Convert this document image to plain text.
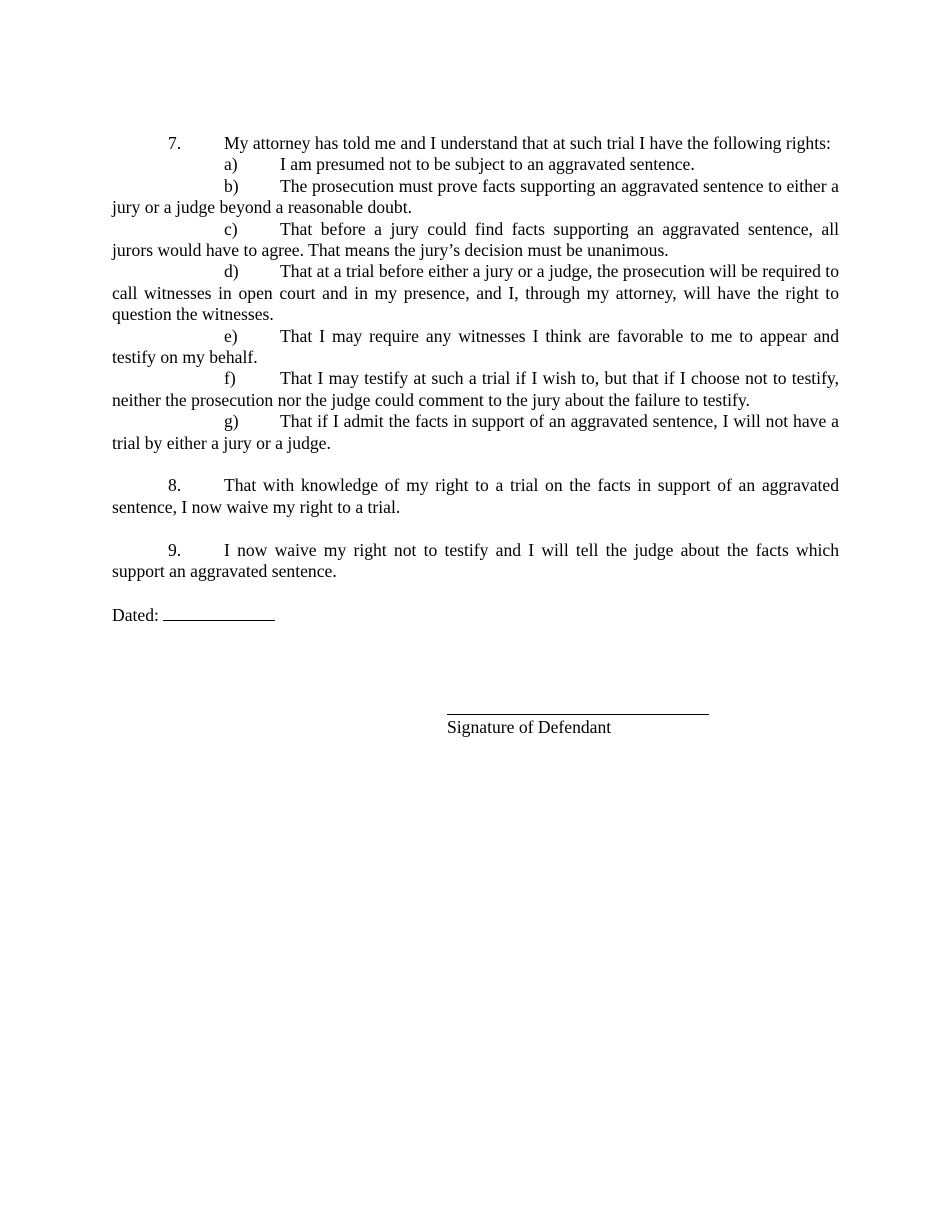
7. My attorney has told me and I understand that at such trial I have the following rights:

a) I am presumed not to be subject to an aggravated sentence.

b) The prosecution must prove facts supporting an aggravated sentence to either a jury or a judge beyond a reasonable doubt.

c) That before a jury could find facts supporting an aggravated sentence, all jurors would have to agree. That means the jury’s decision must be unanimous.

d) That at a trial before either a jury or a judge, the prosecution will be required to call witnesses in open court and in my presence, and I, through my attorney, will have the right to question the witnesses.

e) That I may require any witnesses I think are favorable to me to appear and testify on my behalf.

f)	That I may testify at such a trial if I wish to, but that if I choose not to testify, neither the prosecution nor the judge could comment to the jury about the failure to testify.

g) That if I admit the facts in support of an aggravated sentence, I will not have a trial by either a jury or a judge.

8. That with knowledge of my right to a trial on the facts in support of an aggravated sentence, I now waive my right to a trial.

9. I now waive my right not to testify and I will tell the judge about the facts which support an aggravated sentence.

Dated:

Signature of Defendant
